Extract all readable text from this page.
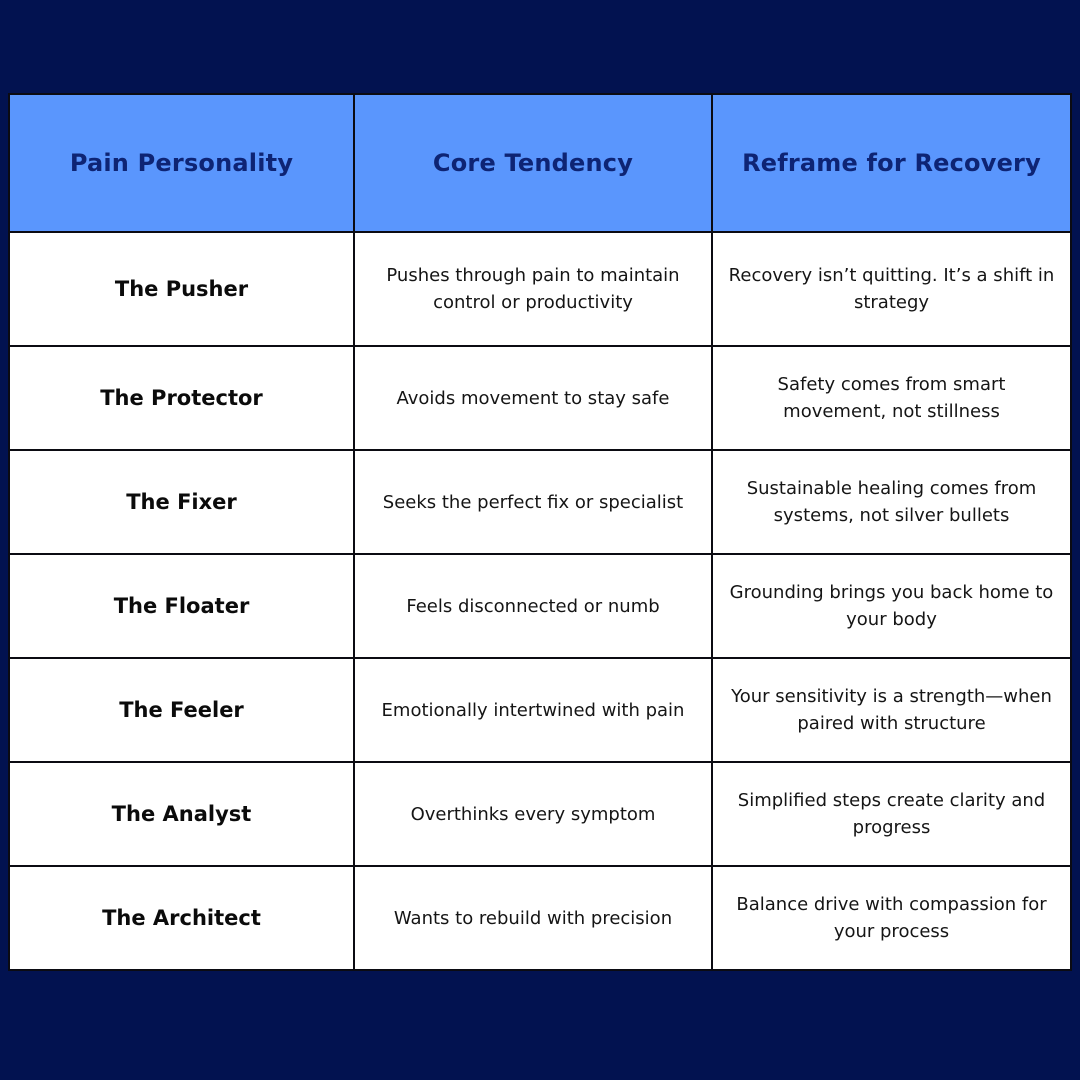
Pain Personality	Core Tendency	Reframe for Recovery
The Pusher	Pushes through pain to maintain control or productivity	Recovery isn’t quitting. It’s a shift in strategy
The Protector	Avoids movement to stay safe	Safety comes from smart movement, not stillness
The Fixer	Seeks the perfect fix or specialist	Sustainable healing comes from systems, not silver bullets
The Floater	Feels disconnected or numb	Grounding brings you back home to your body
The Feeler	Emotionally intertwined with pain	Your sensitivity is a strength—when paired with structure
The Analyst	Overthinks every symptom	Simplified steps create clarity and progress
The Architect	Wants to rebuild with precision	Balance drive with compassion for your process
